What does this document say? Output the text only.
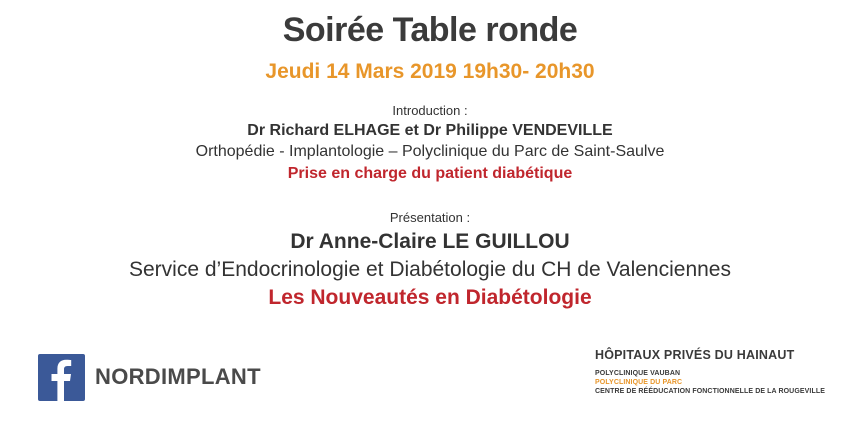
Soirée Table ronde
Jeudi 14 Mars 2019 19h30- 20h30
Introduction :
Dr Richard ELHAGE et Dr Philippe VENDEVILLE
Orthopédie - Implantologie – Polyclinique du Parc de Saint-Saulve
Prise en charge du patient diabétique
Présentation :
Dr Anne-Claire LE GUILLOU
Service d’Endocrinologie et Diabétologie du CH de Valenciennes
Les Nouveautés en Diabétologie
NORDIMPLANT
HÔPITAUX PRIVÉS DU HAINAUT
POLYCLINIQUE VAUBAN
POLYCLINIQUE DU PARC
CENTRE DE RÉÉDUCATION FONCTIONNELLE DE LA ROUGEVILLE
